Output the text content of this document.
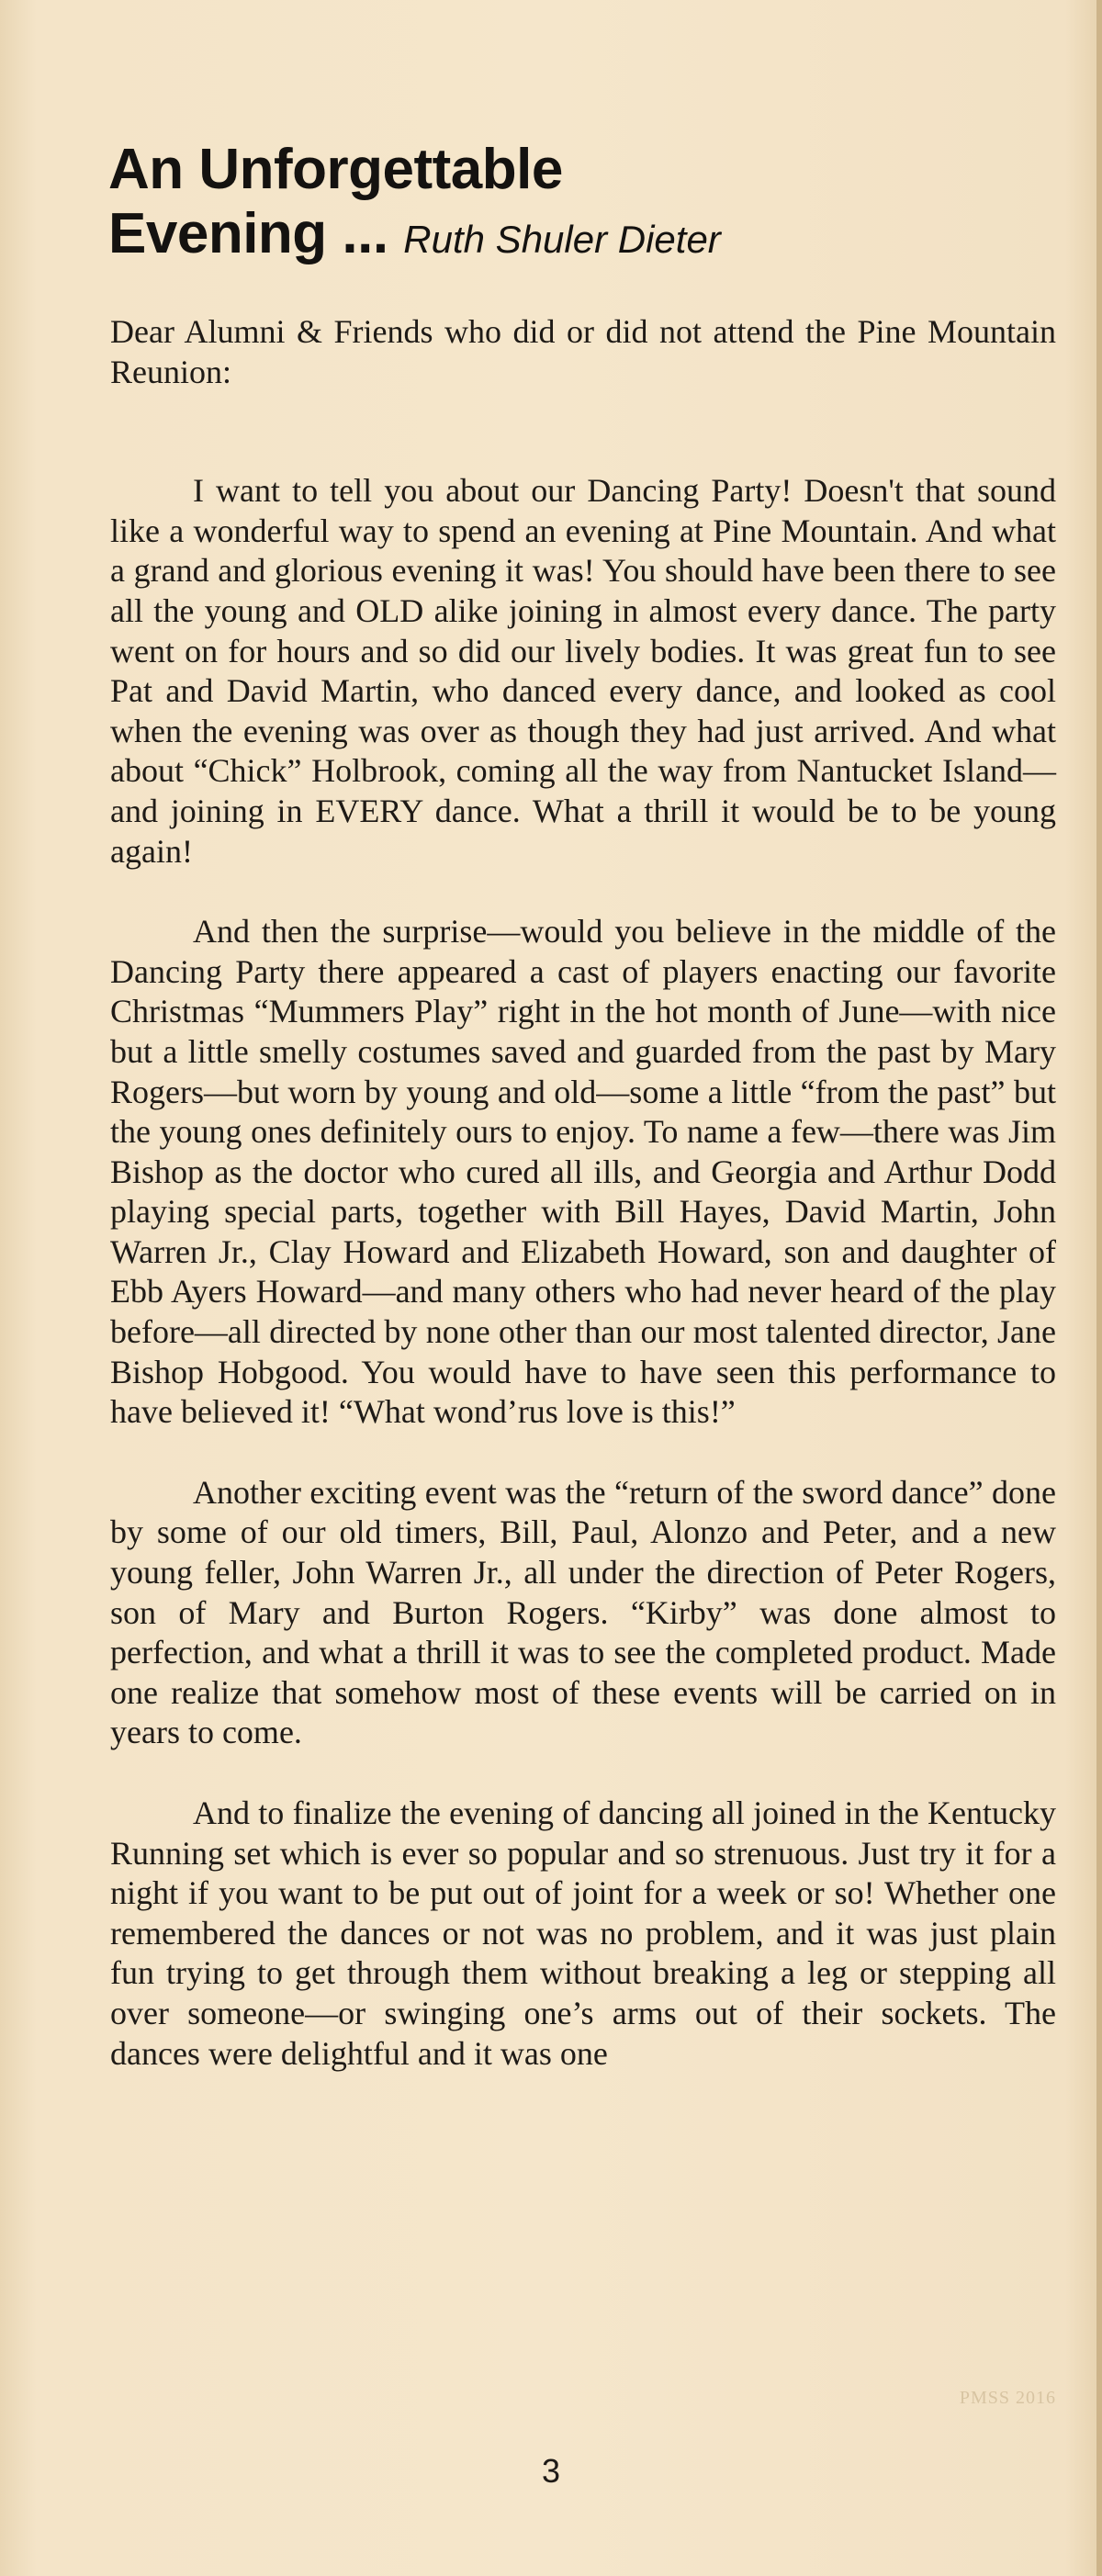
An Unforgettable
Evening ... Ruth Shuler Dieter

Dear Alumni & Friends who did or did not attend the Pine Mountain Reunion:

I want to tell you about our Dancing Party! Doesn't that sound like a wonderful way to spend an evening at Pine Mountain. And what a grand and glorious evening it was! You should have been there to see all the young and OLD alike joining in almost every dance. The party went on for hours and so did our lively bodies. It was great fun to see Pat and David Martin, who danced every dance, and looked as cool when the evening was over as though they had just arrived. And what about “Chick” Holbrook, coming all the way from Nantucket Island—and joining in EVERY dance. What a thrill it would be to be young again!

And then the surprise—would you believe in the middle of the Dancing Party there appeared a cast of players enacting our favorite Christmas “Mummers Play” right in the hot month of June—with nice but a little smelly costumes saved and guarded from the past by Mary Rogers—but worn by young and old—some a little “from the past” but the young ones definitely ours to enjoy. To name a few—there was Jim Bishop as the doctor who cured all ills, and Georgia and Arthur Dodd playing special parts, together with Bill Hayes, David Martin, John Warren Jr., Clay Howard and Elizabeth Howard, son and daughter of Ebb Ayers Howard—and many others who had never heard of the play before—all directed by none other than our most talented director, Jane Bishop Hobgood. You would have to have seen this performance to have believed it! “What wond’rus love is this!”

Another exciting event was the “return of the sword dance” done by some of our old timers, Bill, Paul, Alonzo and Peter, and a new young feller, John Warren Jr., all under the direction of Peter Rogers, son of Mary and Burton Rogers. “Kirby” was done almost to perfection, and what a thrill it was to see the completed product. Made one realize that somehow most of these events will be carried on in years to come.

And to finalize the evening of dancing all joined in the Kentucky Running set which is ever so popular and so strenuous. Just try it for a night if you want to be put out of joint for a week or so! Whether one remembered the dances or not was no problem, and it was just plain fun trying to get through them without breaking a leg or stepping all over someone—or swinging one’s arms out of their sockets. The dances were delightful and it was one

PMSS 2016
3
